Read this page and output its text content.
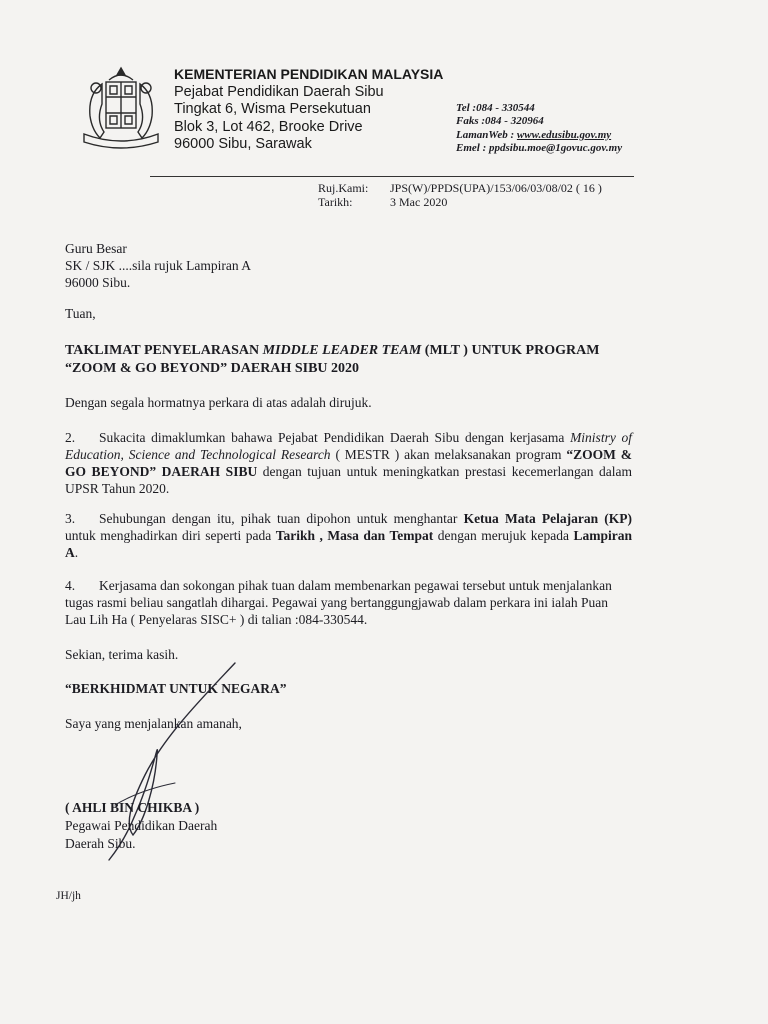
KEMENTERIAN PENDIDIKAN MALAYSIA
Pejabat Pendidikan Daerah Sibu
Tingkat 6, Wisma Persekutuan
Blok 3, Lot 462, Brooke Drive
96000 Sibu, Sarawak
Tel :084 - 330544
Faks :084 - 320964
LamanWeb : www.edusibu.gov.my
Emel : ppdsibu.moe@1govuc.gov.my
Ruj.Kami:	JPS(W)/PPDS(UPA)/153/06/03/08/02 ( 16 )
Tarikh:	3 Mac 2020
Guru Besar
SK / SJK ....sila rujuk Lampiran A
96000 Sibu.
Tuan,
TAKLIMAT PENYELARASAN MIDDLE LEADER TEAM (MLT ) UNTUK PROGRAM
“ZOOM & GO BEYOND” DAERAH SIBU 2020
Dengan segala hormatnya perkara di atas adalah dirujuk.
2. Sukacita dimaklumkan bahawa Pejabat Pendidikan Daerah Sibu dengan kerjasama Ministry of Education, Science and Technological Research ( MESTR ) akan melaksanakan program “ZOOM & GO BEYOND” DAERAH SIBU dengan tujuan untuk meningkatkan prestasi kecemerlangan dalam UPSR Tahun 2020.
3. Sehubungan dengan itu, pihak tuan dipohon untuk menghantar Ketua Mata Pelajaran (KP) untuk menghadirkan diri seperti pada Tarikh , Masa dan Tempat dengan merujuk kepada Lampiran A.
4. Kerjasama dan sokongan pihak tuan dalam membenarkan pegawai tersebut untuk menjalankan tugas rasmi beliau sangatlah dihargai. Pegawai yang bertanggungjawab dalam perkara ini ialah Puan Lau Lih Ha ( Penyelaras SISC+ ) di talian :084-330544.
Sekian, terima kasih.
“BERKHIDMAT UNTUK NEGARA”
Saya yang menjalankan amanah,
( AHLI BIN CHIKBA )
Pegawai Pendidikan Daerah
Daerah Sibu.
JH/jh
